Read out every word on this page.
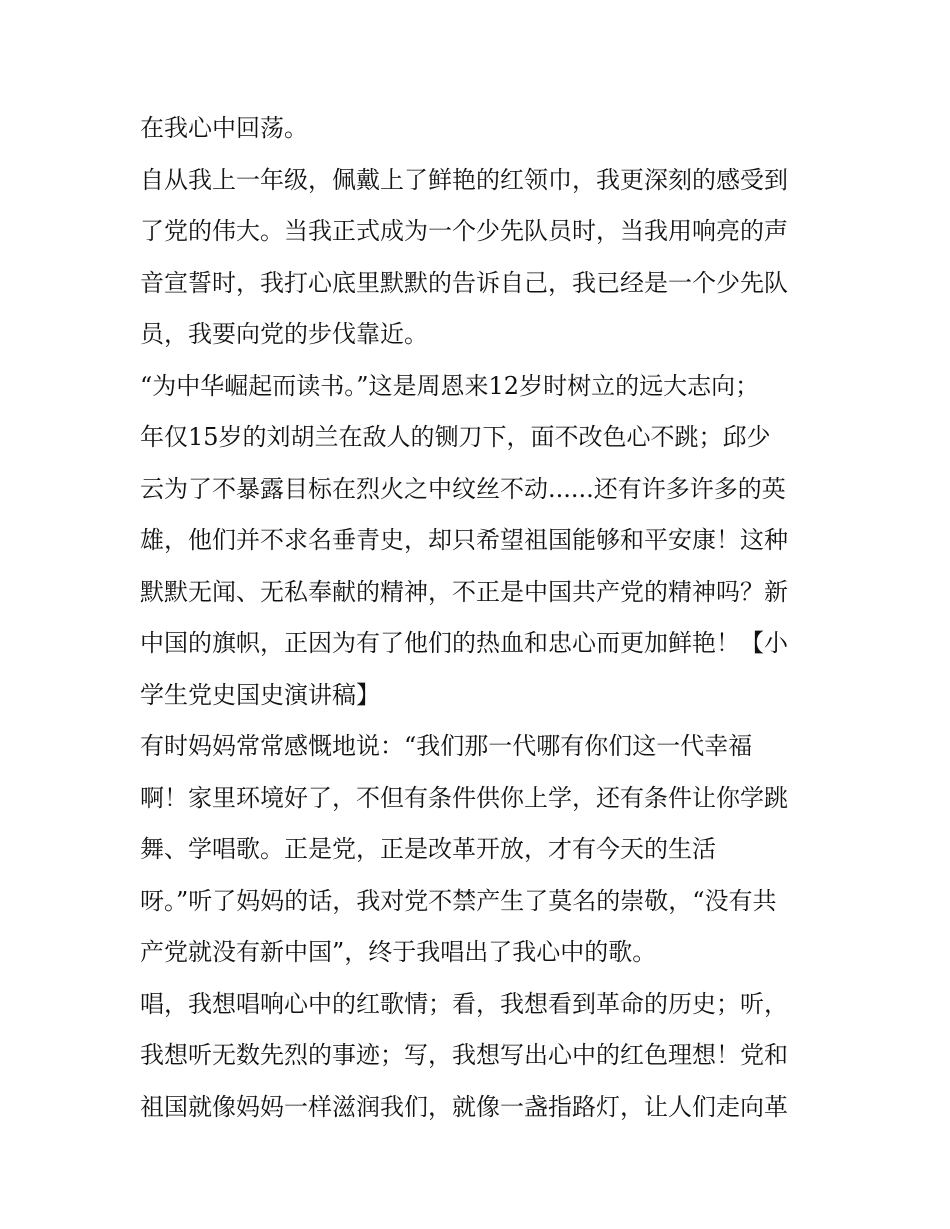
在我心中回荡。
自从我上一年级，佩戴上了鲜艳的红领巾，我更深刻的感受到
了党的伟大。当我正式成为一个少先队员时，当我用响亮的声
音宣誓时，我打心底里默默的告诉自己，我已经是一个少先队
员，我要向党的步伐靠近。
“为中华崛起而读书。”这是周恩来12岁时树立的远大志向；
年仅15岁的刘胡兰在敌人的铡刀下，面不改色心不跳；邱少
云为了不暴露目标在烈火之中纹丝不动......还有许多许多的英
雄，他们并不求名垂青史，却只希望祖国能够和平安康！这种
默默无闻、无私奉献的精神，不正是中国共产党的精神吗？新
中国的旗帜，正因为有了他们的热血和忠心而更加鲜艳！【小
学生党史国史演讲稿】
有时妈妈常常感慨地说：“我们那一代哪有你们这一代幸福
啊！家里环境好了，不但有条件供你上学，还有条件让你学跳
舞、学唱歌。正是党，正是改革开放，才有今天的生活
呀。”听了妈妈的话，我对党不禁产生了莫名的崇敬，“没有共
产党就没有新中国”，终于我唱出了我心中的歌。
唱，我想唱响心中的红歌情；看，我想看到革命的历史；听，
我想听无数先烈的事迹；写，我想写出心中的红色理想！党和
祖国就像妈妈一样滋润我们，就像一盏指路灯，让人们走向革
